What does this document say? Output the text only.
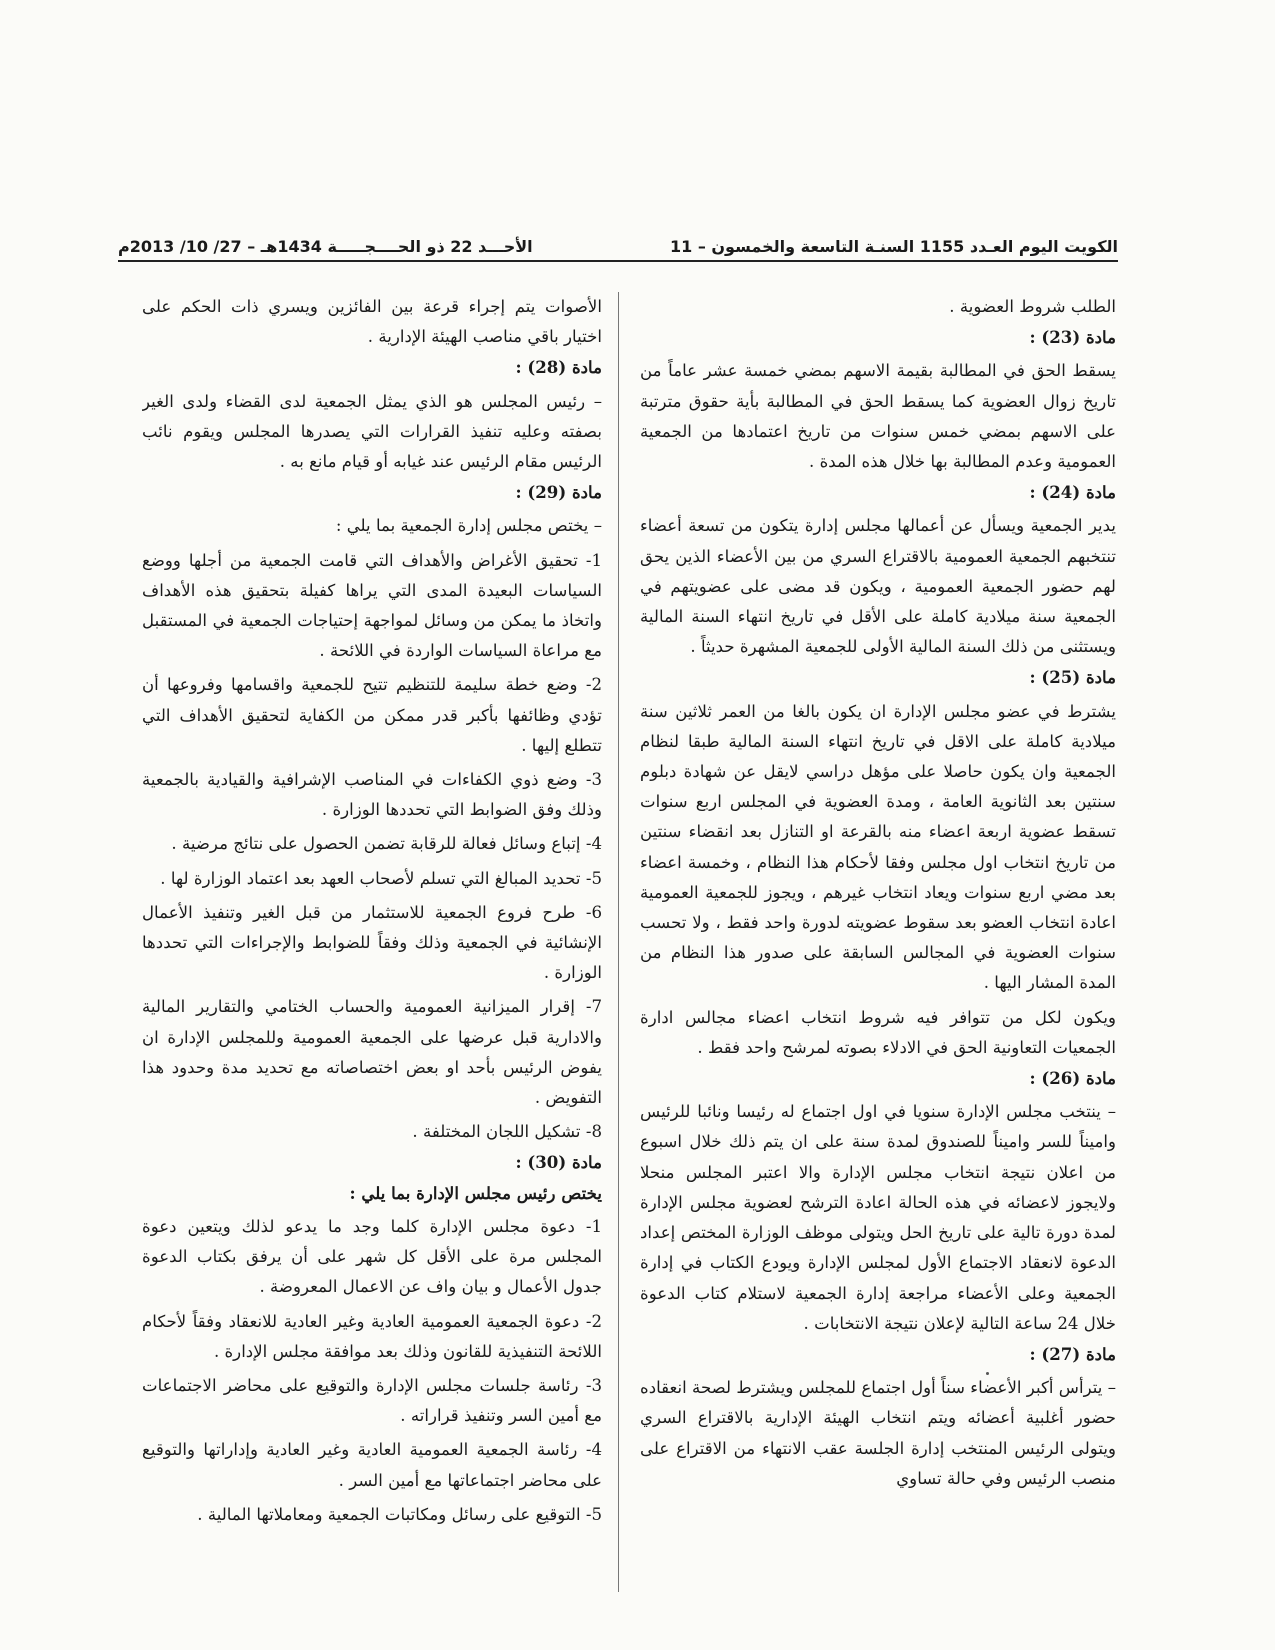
الأحـــد 22 ذو الحــــجـــــة 1434هـ – 27/ 10/ 2013م	الكويت اليوم العـدد 1155 السنـة التاسعة والخمسون – 11

الطلب شروط العضوية .

مادة (23) :

يسقط الحق في المطالبة بقيمة الاسهم بمضي خمسة عشر عاماً من تاريخ زوال العضوية كما يسقط الحق في المطالبة بأية حقوق مترتبة على الاسهم بمضي خمس سنوات من تاريخ اعتمادها من الجمعية العمومية وعدم المطالبة بها خلال هذه المدة .

مادة (24) :

يدير الجمعية ويسأل عن أعمالها مجلس إدارة يتكون من تسعة أعضاء تنتخبهم الجمعية العمومية بالاقتراع السري من بين الأعضاء الذين يحق لهم حضور الجمعية العمومية ، ويكون قد مضى على عضويتهم في الجمعية سنة ميلادية كاملة على الأقل في تاريخ انتهاء السنة المالية ويستثنى من ذلك السنة المالية الأولى للجمعية المشهرة حديثاً .

مادة (25) :

يشترط في عضو مجلس الإدارة ان يكون بالغا من العمر ثلاثين سنة ميلادية كاملة على الاقل في تاريخ انتهاء السنة المالية طبقا لنظام الجمعية وان يكون حاصلا على مؤهل دراسي لايقل عن شهادة دبلوم سنتين بعد الثانوية العامة ، ومدة العضوية في المجلس اربع سنوات تسقط عضوية اربعة اعضاء منه بالقرعة او التنازل بعد انقضاء سنتين من تاريخ انتخاب اول مجلس وفقا لأحكام هذا النظام ، وخمسة اعضاء بعد مضي اربع سنوات ويعاد انتخاب غيرهم ، ويجوز للجمعية العمومية اعادة انتخاب العضو بعد سقوط عضويته لدورة واحد فقط ، ولا تحسب سنوات العضوية في المجالس السابقة على صدور هذا النظام من المدة المشار اليها .

ويكون لكل من تتوافر فيه شروط انتخاب اعضاء مجالس ادارة الجمعيات التعاونية الحق في الادلاء بصوته لمرشح واحد فقط .

مادة (26) :

– ينتخب مجلس الإدارة سنويا في اول اجتماع له رئيسا ونائبا للرئيس واميناً للسر واميناً للصندوق لمدة سنة على ان يتم ذلك خلال اسبوع من اعلان نتيجة انتخاب مجلس الإدارة والا اعتبر المجلس منحلا ولايجوز لاعضائه في هذه الحالة اعادة الترشح لعضوية مجلس الإدارة لمدة دورة تالية على تاريخ الحل ويتولى موظف الوزارة المختص إعداد الدعوة لانعقاد الاجتماع الأول لمجلس الإدارة ويودع الكتاب في إدارة الجمعية وعلى الأعضاء مراجعة إدارة الجمعية لاستلام كتاب الدعوة خلال 24 ساعة التالية لإعلان نتيجة الانتخابات .

مادة (27) :

– يترأس أكبر الأعضاء سناً أول اجتماع للمجلس ويشترط لصحة انعقاده حضور أغلبية أعضائه ويتم انتخاب الهيئة الإدارية بالاقتراع السري ويتولى الرئيس المنتخب إدارة الجلسة عقب الانتهاء من الاقتراع على منصب الرئيس وفي حالة تساوي

الأصوات يتم إجراء قرعة بين الفائزين ويسري ذات الحكم على اختيار باقي مناصب الهيئة الإدارية .

مادة (28) :

– رئيس المجلس هو الذي يمثل الجمعية لدى القضاء ولدى الغير بصفته وعليه تنفيذ القرارات التي يصدرها المجلس ويقوم نائب الرئيس مقام الرئيس عند غيابه أو قيام مانع به .

مادة (29) :

– يختص مجلس إدارة الجمعية بما يلي :

1- تحقيق الأغراض والأهداف التي قامت الجمعية من أجلها ووضع السياسات البعيدة المدى التي يراها كفيلة بتحقيق هذه الأهداف واتخاذ ما يمكن من وسائل لمواجهة إحتياجات الجمعية في المستقبل مع مراعاة السياسات الواردة في اللائحة .

2- وضع خطة سليمة للتنظيم تتيح للجمعية واقسامها وفروعها أن تؤدي وظائفها بأكبر قدر ممكن من الكفاية لتحقيق الأهداف التي تتطلع إليها .

3- وضع ذوي الكفاءات في المناصب الإشرافية والقيادية بالجمعية وذلك وفق الضوابط التي تحددها الوزارة .

4- إتباع وسائل فعالة للرقابة تضمن الحصول على نتائج مرضية .

5- تحديد المبالغ التي تسلم لأصحاب العهد بعد اعتماد الوزارة لها .

6- طرح فروع الجمعية للاستثمار من قبل الغير وتنفيذ الأعمال الإنشائية في الجمعية وذلك وفقاً للضوابط والإجراءات التي تحددها الوزارة .

7- إقرار الميزانية العمومية والحساب الختامي والتقارير المالية والادارية قبل عرضها على الجمعية العمومية وللمجلس الإدارة ان يفوض الرئيس بأحد او بعض اختصاصاته مع تحديد مدة وحدود هذا التفويض .

8- تشكيل اللجان المختلفة .

مادة (30) :

يختص رئيس مجلس الإدارة بما يلي :

1- دعوة مجلس الإدارة كلما وجد ما يدعو لذلك ويتعين دعوة المجلس مرة على الأقل كل شهر على أن يرفق بكتاب الدعوة جدول الأعمال و بيان واف عن الاعمال المعروضة .

2- دعوة الجمعية العمومية العادية وغير العادية للانعقاد وفقاً لأحكام اللائحة التنفيذية للقانون وذلك بعد موافقة مجلس الإدارة .

3- رئاسة جلسات مجلس الإدارة والتوقيع على محاضر الاجتماعات مع أمين السر وتنفيذ قراراته .

4- رئاسة الجمعية العمومية العادية وغير العادية وإداراتها والتوقيع على محاضر اجتماعاتها مع أمين السر .

5- التوقيع على رسائل ومكاتبات الجمعية ومعاملاتها المالية .
